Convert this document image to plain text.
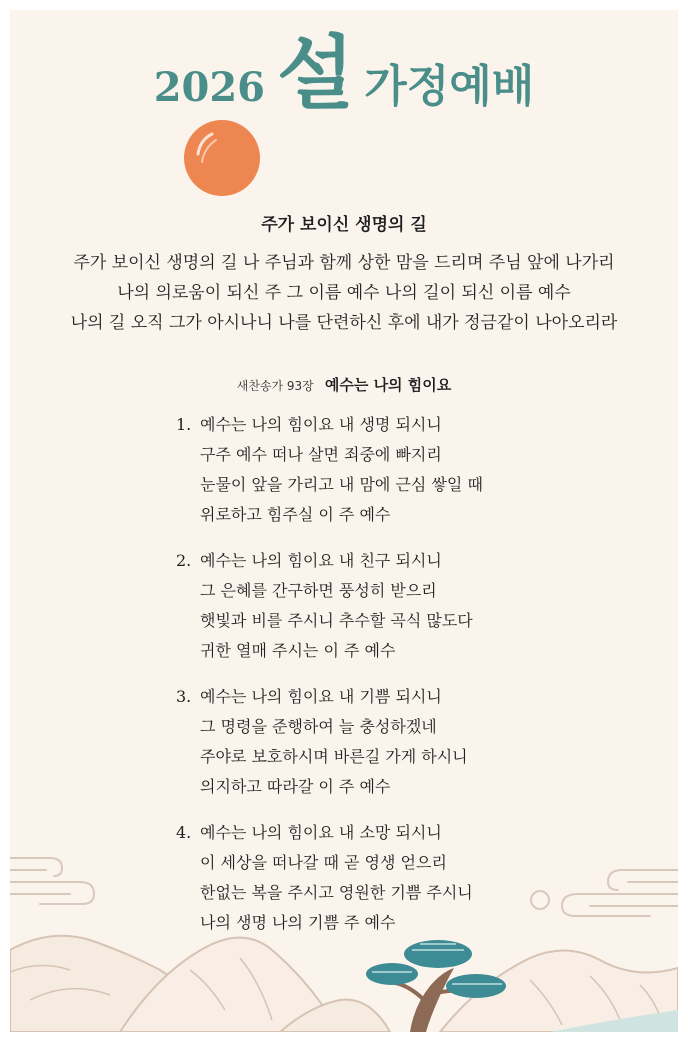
2026 설 가정예배
주가 보이신 생명의 길
주가 보이신 생명의 길 나 주님과 함께 상한 맘을 드리며 주님 앞에 나가리
나의 의로움이 되신 주 그 이름 예수 나의 길이 되신 이름 예수
나의 길 오직 그가 아시나니 나를 단련하신 후에 내가 정금같이 나아오리라
새찬송가 93장 예수는 나의 힘이요
1. 예수는 나의 힘이요 내 생명 되시니
구주 예수 떠나 살면 죄중에 빠지리
눈물이 앞을 가리고 내 맘에 근심 쌓일 때
위로하고 힘주실 이 주 예수
2. 예수는 나의 힘이요 내 친구 되시니
그 은혜를 간구하면 풍성히 받으리
햇빛과 비를 주시니 추수할 곡식 많도다
귀한 열매 주시는 이 주 예수
3. 예수는 나의 힘이요 내 기쁨 되시니
그 명령을 준행하여 늘 충성하겠네
주야로 보호하시며 바른길 가게 하시니
의지하고 따라갈 이 주 예수
4. 예수는 나의 힘이요 내 소망 되시니
이 세상을 떠나갈 때 곧 영생 얻으리
한없는 복을 주시고 영원한 기쁨 주시니
나의 생명 나의 기쁨 주 예수
